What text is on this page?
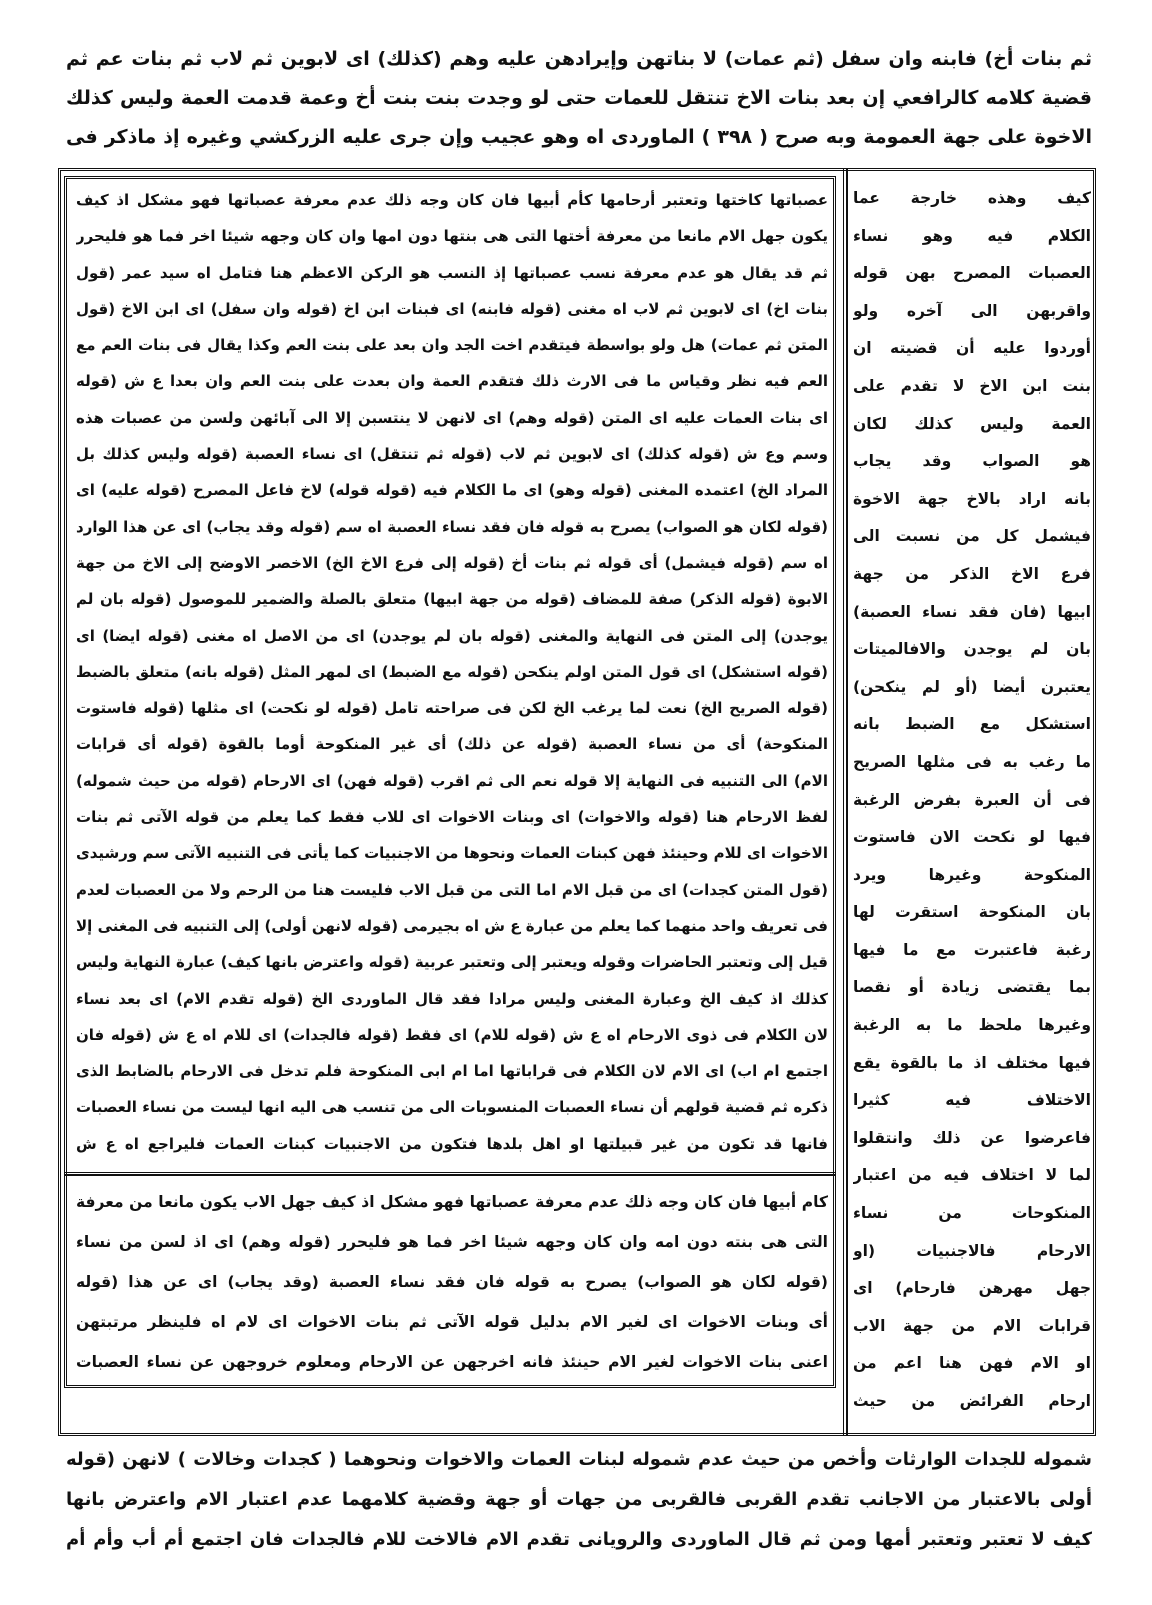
ثم بنات أخ) فابنه وان سفل (ثم عمات) لا بناتهن وإيرادهن عليه وهم (كذلك) اى لابوين ثم لاب ثم بنات عم ثم
قضية كلامه كالرافعي إن بعد بنات الاخ تنتقل للعمات حتى لو وجدت بنت بنت أخ وعمة قدمت العمة وليس كذلك
الاخوة على جهة العمومة وبه صرح ( ٣٩٨ ) الماوردى اه وهو عجيب وإن جرى عليه الزركشي وغيره إذ ماذكر فى
كيف وهذه خارجة عما
الكلام فيه وهو نساء
العصبات المصرح بهن قوله
واقربهن الى آخره ولو
أوردوا عليه أن قضيته ان
بنت ابن الاخ لا تقدم على
العمة وليس كذلك لكان
هو الصواب وقد يجاب
بانه اراد بالاخ جهة الاخوة
فيشمل كل من نسبت الى
فرع الاخ الذكر من جهة
ابيها (فان فقد نساء العصبة)
بان لم يوجدن والافالميتات
يعتبرن أيضا (أو لم ينكحن)
استشكل مع الضبط بانه
ما رغب به فى مثلها الصريح
فى أن العبرة بفرض الرغبة
فيها لو نكحت الان فاستوت
المنكوحة وغيرها ويرد
بان المنكوحة استقرت لها
رغبة فاعتبرت مع ما فيها
بما يقتضى زيادة أو نقصا
وغيرها ملحظ ما به الرغبة
فيها مختلف اذ ما بالقوة يقع
الاختلاف فيه كثيرا
فاعرضوا عن ذلك وانتقلوا
لما لا اختلاف فيه من اعتبار
المنكوحات من نساء
الارحام فالاجنبيات (او
جهل مهرهن فارحام) اى
قرابات الام من جهة الاب
او الام فهن هنا اعم من
ارحام الفرائض من حيث
عصباتها كاختها وتعتبر أرحامها كأم أبيها فان كان وجه ذلك عدم معرفة عصباتها فهو مشكل اذ كيف
يكون جهل الام مانعا من معرفة أختها التى هى بنتها دون امها وان كان وجهه شيئا اخر فما هو فليحرر
ثم قد يقال هو عدم معرفة نسب عصباتها إذ النسب هو الركن الاعظم هنا فتامل اه سيد عمر (قول
بنات اخ) اى لابوين ثم لاب اه مغنى (قوله فابنه) اى فبنات ابن اخ (قوله وان سفل) اى ابن الاخ (قول
المتن ثم عمات) هل ولو بواسطة فيتقدم اخت الجد وان بعد على بنت العم وكذا يقال فى بنات العم مع
العم فيه نظر وقياس ما فى الارث ذلك فتقدم العمة وان بعدت على بنت العم وان بعدا ع ش (قوله
اى بنات العمات عليه اى المتن (قوله وهم) اى لانهن لا ينتسبن إلا الى آبائهن ولسن من عصبات هذه
وسم وع ش (قوله كذلك) اى لابوين ثم لاب (قوله ثم تنتقل) اى نساء العصبة (قوله وليس كذلك بل
المراد الخ) اعتمده المغنى (قوله وهو) اى ما الكلام فيه (قوله قوله) لاخ فاعل المصرح (قوله عليه) اى
(قوله لكان هو الصواب) يصرح به قوله فان فقد نساء العصبة اه سم (قوله وقد يجاب) اى عن هذا الوارد
اه سم (قوله فيشمل) أى قوله ثم بنات أخ (قوله إلى فرع الاخ الخ) الاخصر الاوضح إلى الاخ من جهة
الابوة (قوله الذكر) صفة للمضاف (قوله من جهة ابيها) متعلق بالصلة والضمير للموصول (قوله بان لم
يوجدن) إلى المتن فى النهاية والمغنى (قوله بان لم يوجدن) اى من الاصل اه مغنى (قوله ايضا) اى
(قوله استشكل) اى قول المتن اولم ينكحن (قوله مع الضبط) اى لمهر المثل (قوله بانه) متعلق بالضبط
(قوله الصريح الخ) نعت لما يرغب الخ لكن فى صراحته تامل (قوله لو نكحت) اى مثلها (قوله فاستوت
المنكوحة) أى من نساء العصبة (قوله عن ذلك) أى غير المنكوحة أوما بالقوة (قوله أى قرابات
الام) الى التنبيه فى النهاية إلا قوله نعم الى ثم اقرب (قوله فهن) اى الارحام (قوله من حيث شموله)
لفظ الارحام هنا (قوله والاخوات) اى وبنات الاخوات اى للاب فقط كما يعلم من قوله الآتى ثم بنات
الاخوات اى للام وحينئذ فهن كبنات العمات ونحوها من الاجنبيات كما يأتى فى التنبيه الآتى سم ورشيدى
(قول المتن كجدات) اى من قبل الام اما التى من قبل الاب فليست هنا من الرحم ولا من العصبات لعدم
فى تعريف واحد منهما كما يعلم من عبارة ع ش اه بجيرمى (قوله لانهن أولى) إلى التنبيه فى المغنى إلا
قيل إلى وتعتبر الحاضرات وقوله ويعتبر إلى وتعتبر عربية (قوله واعترض بانها كيف) عبارة النهاية وليس
كذلك اذ كيف الخ وعبارة المغنى وليس مرادا فقد قال الماوردى الخ (قوله تقدم الام) اى بعد نساء
لان الكلام فى ذوى الارحام اه ع ش (قوله للام) اى فقط (قوله فالجدات) اى للام اه ع ش (قوله فان
اجتمع ام اب) اى الام لان الكلام فى قراباتها اما ام ابى المنكوحة فلم تدخل فى الارحام بالضابط الذى
ذكره ثم قضية قولهم أن نساء العصبات المنسوبات الى من تنسب هى اليه انها ليست من نساء العصبات
فانها قد تكون من غير قبيلتها او اهل بلدها فتكون من الاجنبيات كبنات العمات فليراجع اه ع ش
كام أبيها فان كان وجه ذلك عدم معرفة عصباتها فهو مشكل اذ كيف جهل الاب يكون مانعا من معرفة
التى هى بنته دون امه وان كان وجهه شيئا اخر فما هو فليحرر (قوله وهم) اى اذ لسن من نساء
(قوله لكان هو الصواب) يصرح به قوله فان فقد نساء العصبة (وقد يجاب) اى عن هذا (قوله
أى وبنات الاخوات اى لغير الام بدليل قوله الآتى ثم بنات الاخوات اى لام اه فلينظر مرتبتهن
اعنى بنات الاخوات لغير الام حينئذ فانه اخرجهن عن الارحام ومعلوم خروجهن عن نساء العصبات
شموله للجدات الوارثات وأخص من حيث عدم شموله لبنات العمات والاخوات ونحوهما ( كجدات وخالات ) لانهن (قوله
أولى بالاعتبار من الاجانب تقدم القربى فالقربى من جهات أو جهة وقضية كلامهما عدم اعتبار الام واعترض بانها
كيف لا تعتبر وتعتبر أمها ومن ثم قال الماوردى والرويانى تقدم الام فالاخت للام فالجدات فان اجتمع أم أب وأم أم
